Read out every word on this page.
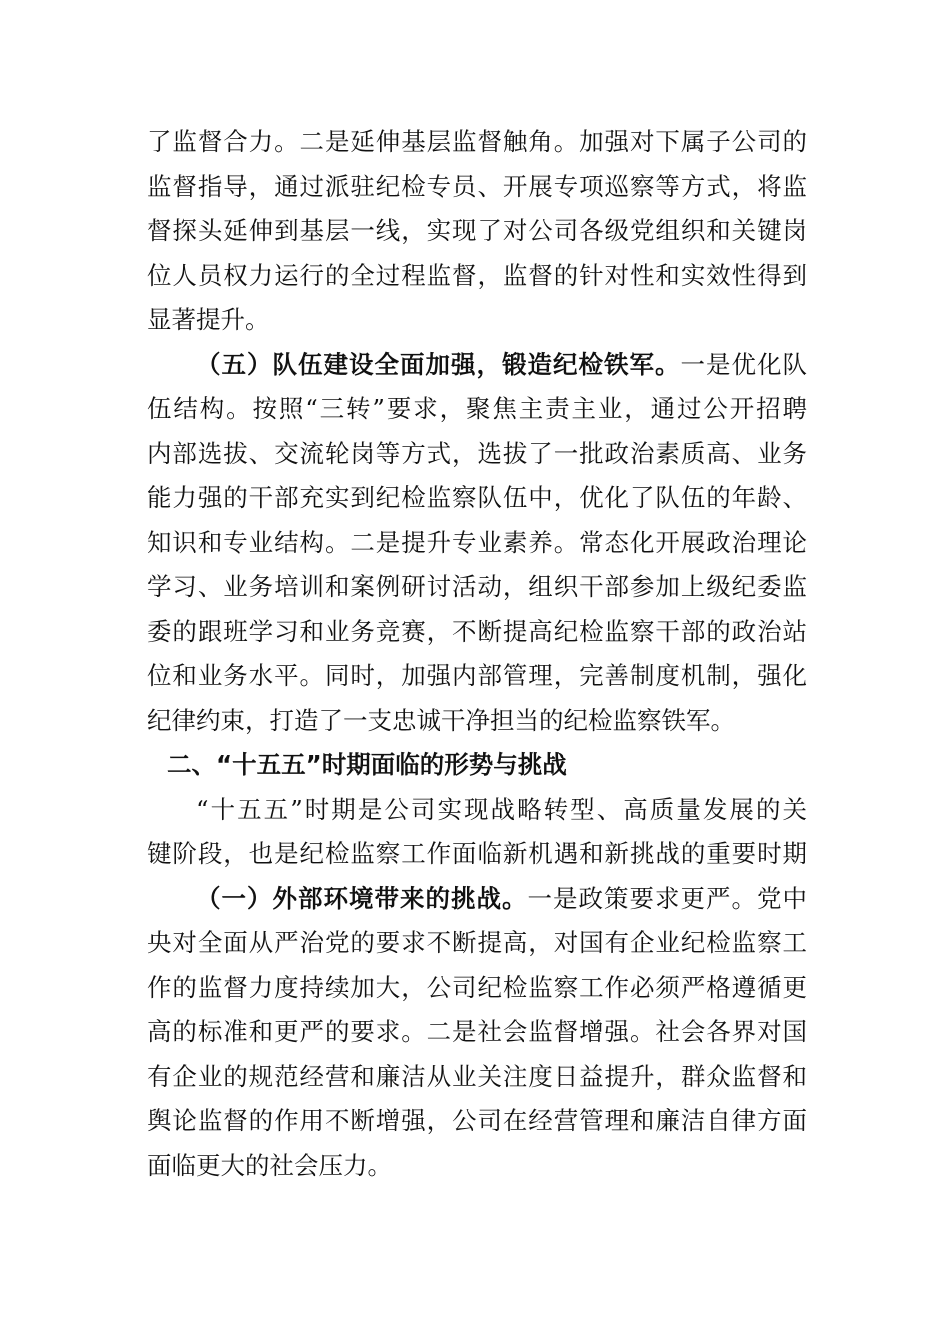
了监督合力。二是延伸基层监督触角。加强对下属子公司的
监督指导，通过派驻纪检专员、开展专项巡察等方式，将监
督探头延伸到基层一线，实现了对公司各级党组织和关键岗
位人员权力运行的全过程监督，监督的针对性和实效性得到
显著提升。
（五）队伍建设全面加强，锻造纪检铁军。一是优化队
伍结构。按照“三转”要求，聚焦主责主业，通过公开招聘
内部选拔、交流轮岗等方式，选拔了一批政治素质高、业务
能力强的干部充实到纪检监察队伍中，优化了队伍的年龄、
知识和专业结构。二是提升专业素养。常态化开展政治理论
学习、业务培训和案例研讨活动，组织干部参加上级纪委监
委的跟班学习和业务竞赛，不断提高纪检监察干部的政治站
位和业务水平。同时，加强内部管理，完善制度机制，强化
纪律约束，打造了一支忠诚干净担当的纪检监察铁军。
二、“十五五”时期面临的形势与挑战
“十五五”时期是公司实现战略转型、高质量发展的关
键阶段，也是纪检监察工作面临新机遇和新挑战的重要时期
（一）外部环境带来的挑战。一是政策要求更严。党中
央对全面从严治党的要求不断提高，对国有企业纪检监察工
作的监督力度持续加大，公司纪检监察工作必须严格遵循更
高的标准和更严的要求。二是社会监督增强。社会各界对国
有企业的规范经营和廉洁从业关注度日益提升，群众监督和
舆论监督的作用不断增强，公司在经营管理和廉洁自律方面
面临更大的社会压力。
